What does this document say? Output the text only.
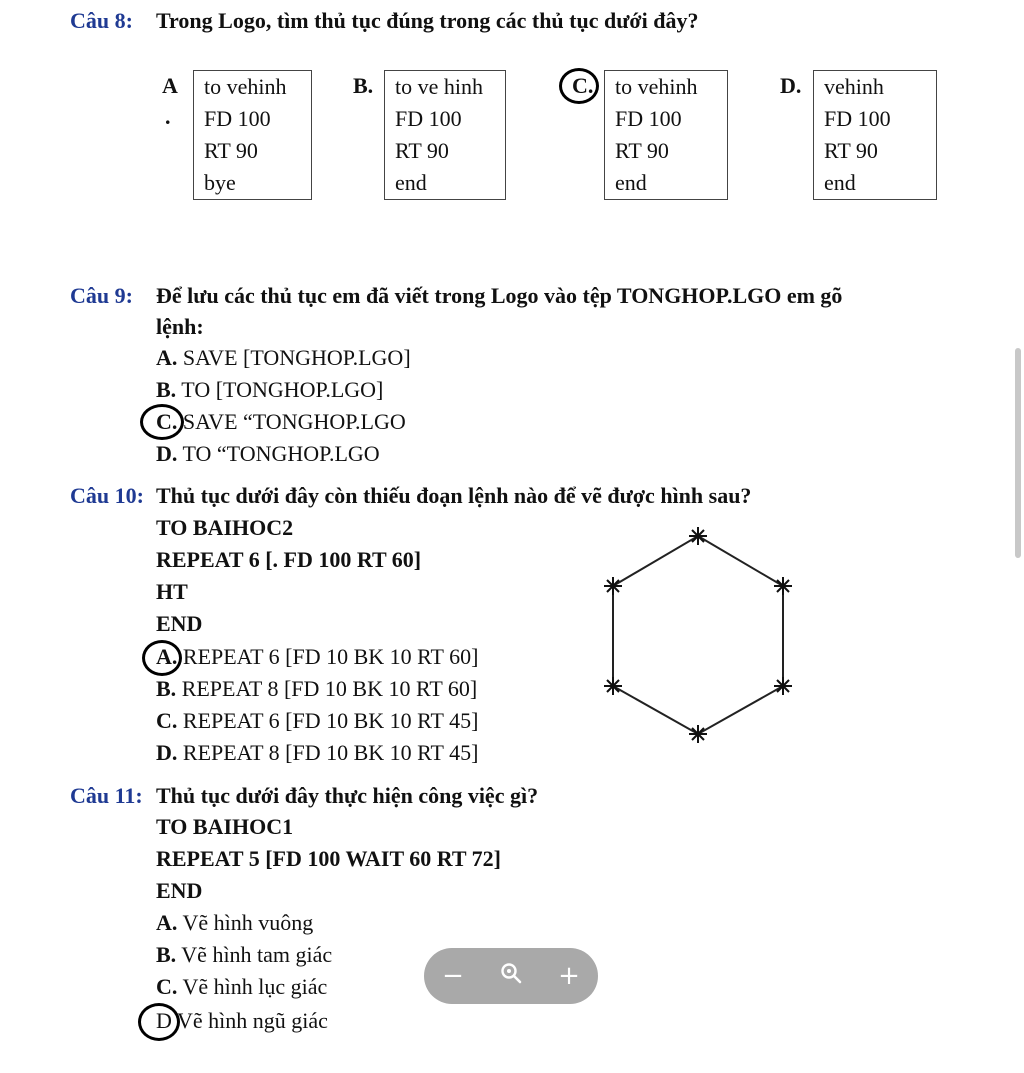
Câu 8: Trong Logo, tìm thủ tục đúng trong các thủ tục dưới đây?
A
.
to vehinh
FD 100
RT 90
bye
B. to ve hinh
FD 100
RT 90
end
C. to vehinh
FD 100
RT 90
end
D. vehinh
FD 100
RT 90
end
Câu 9: Để lưu các thủ tục em đã viết trong Logo vào tệp TONGHOP.LGO em gõ
lệnh:
A. SAVE [TONGHOP.LGO]
B. TO [TONGHOP.LGO]
C. SAVE “TONGHOP.LGO
D. TO “TONGHOP.LGO
Câu 10: Thủ tục dưới đây còn thiếu đoạn lệnh nào để vẽ được hình sau?
TO BAIHOC2
REPEAT 6 [. FD 100 RT 60]
HT
END
A. REPEAT 6 [FD 10 BK 10 RT 60]
B. REPEAT 8 [FD 10 BK 10 RT 60]
C. REPEAT 6 [FD 10 BK 10 RT 45]
D. REPEAT 8 [FD 10 BK 10 RT 45]
Câu 11: Thủ tục dưới đây thực hiện công việc gì?
TO BAIHOC1
REPEAT 5 [FD 100 WAIT 60 RT 72]
END
A. Vẽ hình vuông
B. Vẽ hình tam giác
C. Vẽ hình lục giác
D Vẽ hình ngũ giác
−	+
